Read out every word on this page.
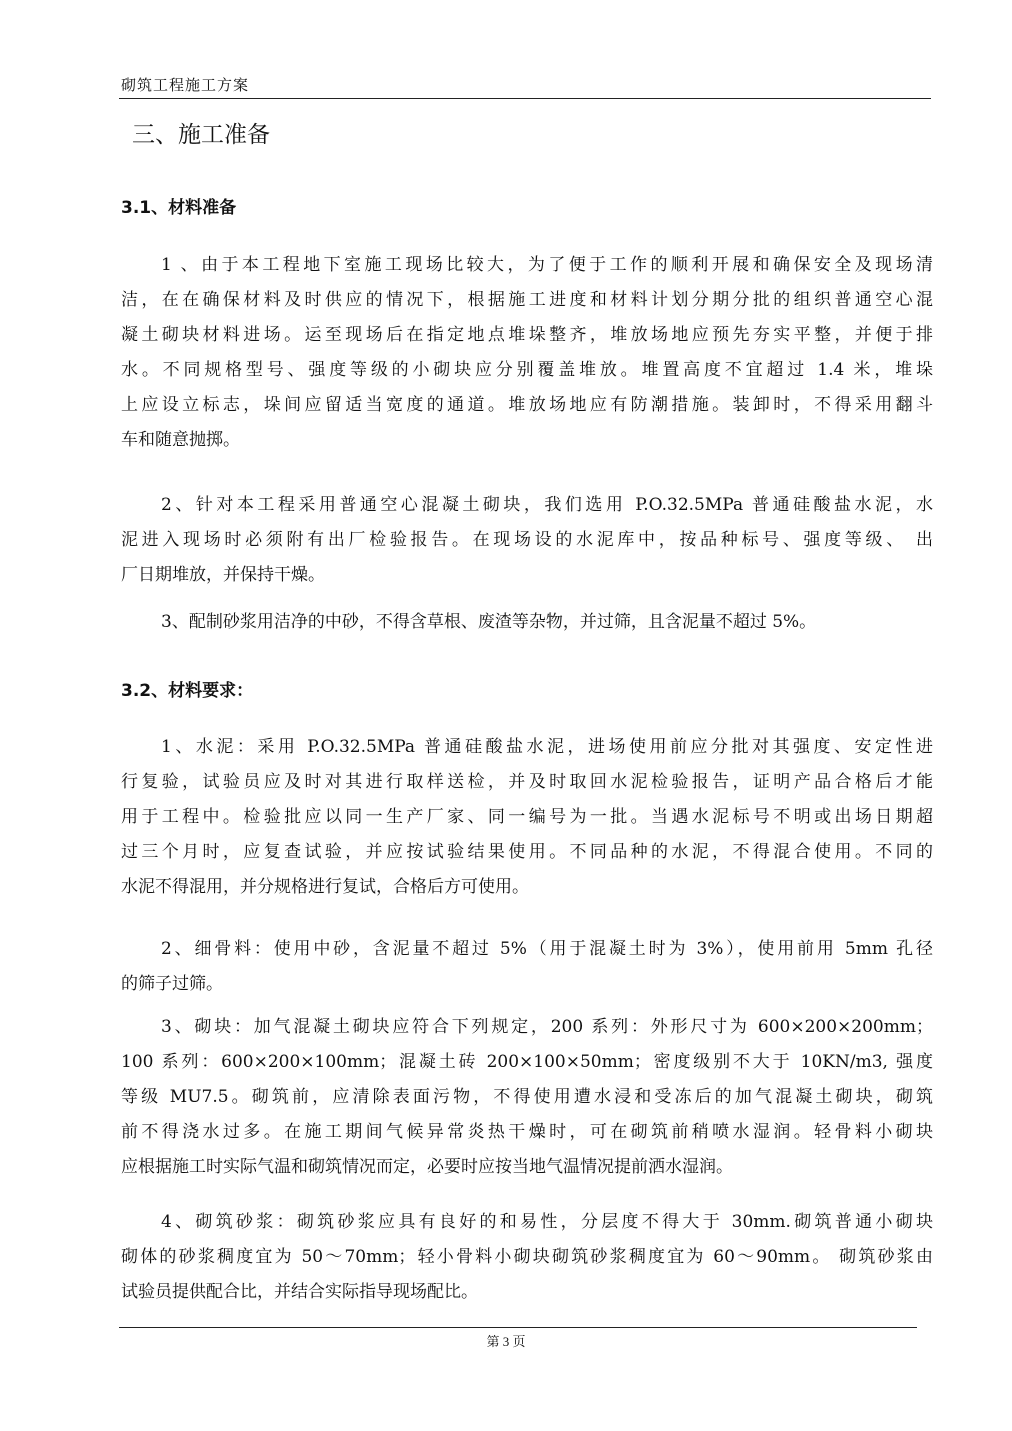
砌筑工程施工方案
三、施工准备
3.1、材料准备
1 、由于本工程地下室施工现场比较大，为了便于工作的顺利开展和确保安全及现场清
洁，在在确保材料及时供应的情况下，根据施工进度和材料计划分期分批的组织普通空心混
凝土砌块材料进场。运至现场后在指定地点堆垛整齐，堆放场地应预先夯实平整，并便于排
水。不同规格型号、强度等级的小砌块应分别覆盖堆放。堆置高度不宜超过 1.4 米，堆垛
上应设立标志，垛间应留适当宽度的通道。堆放场地应有防潮措施。装卸时，不得采用翻斗
车和随意抛掷。
2、针对本工程采用普通空心混凝土砌块，我们选用 P.O.32.5MPa 普通硅酸盐水泥，水
泥进入现场时必须附有出厂检验报告。在现场设的水泥库中，按品种标号、强度等级、 出
厂日期堆放，并保持干燥。
3、配制砂浆用洁净的中砂，不得含草根、废渣等杂物，并过筛，且含泥量不超过 5%。
3.2、材料要求：
1、水泥：采用 P.O.32.5MPa 普通硅酸盐水泥，进场使用前应分批对其强度、安定性进
行复验，试验员应及时对其进行取样送检，并及时取回水泥检验报告，证明产品合格后才能
用于工程中。检验批应以同一生产厂家、同一编号为一批。当遇水泥标号不明或出场日期超
过三个月时，应复查试验，并应按试验结果使用。不同品种的水泥，不得混合使用。不同的
水泥不得混用，并分规格进行复试，合格后方可使用。
2、细骨料：使用中砂，含泥量不超过 5%（用于混凝土时为 3%），使用前用 5mm 孔径
的筛子过筛。
3、砌块：加气混凝土砌块应符合下列规定，200 系列：外形尺寸为 600×200×200mm；
100 系列：600×200×100mm；混凝土砖 200×100×50mm；密度级别不大于 10KN/m3, 强度
等级 MU7.5。砌筑前，应清除表面污物，不得使用遭水浸和受冻后的加气混凝土砌块，砌筑
前不得浇水过多。在施工期间气候异常炎热干燥时，可在砌筑前稍喷水湿润。轻骨料小砌块
应根据施工时实际气温和砌筑情况而定，必要时应按当地气温情况提前洒水湿润。
4、砌筑砂浆：砌筑砂浆应具有良好的和易性，分层度不得大于 30mm.砌筑普通小砌块
砌体的砂浆稠度宜为 50～70mm；轻小骨料小砌块砌筑砂浆稠度宜为 60～90mm。 砌筑砂浆由
试验员提供配合比，并结合实际指导现场配比。
第 3 页
